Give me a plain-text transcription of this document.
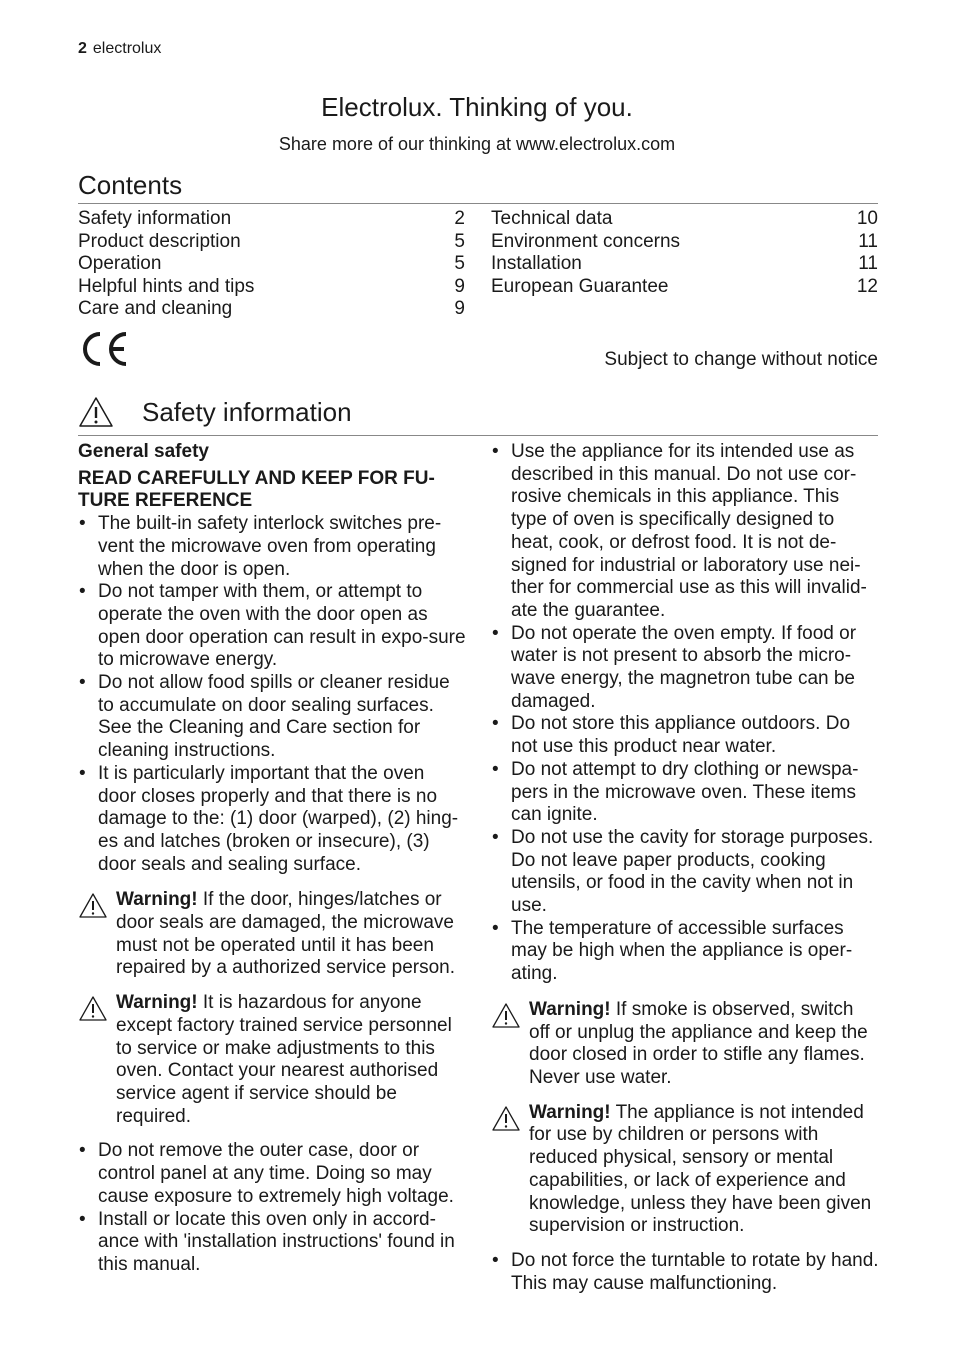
2 electrolux
Electrolux. Thinking of you.
Share more of our thinking at www.electrolux.com
Contents
Safety information	2
Product description	5
Operation	5
Helpful hints and tips	9
Care and cleaning	9
Technical data	10
Environment concerns	11
Installation	11
European Guarantee	12
Subject to change without notice
Safety information
General safety
READ CAREFULLY AND KEEP FOR FU-TURE REFERENCE
• The built-in safety interlock switches pre-vent the microwave oven from operating when the door is open.
• Do not tamper with them, or attempt to operate the oven with the door open as open door operation can result in expo-sure to microwave energy.
• Do not allow food spills or cleaner residue to accumulate on door sealing surfaces. See the Cleaning and Care section for cleaning instructions.
• It is particularly important that the oven door closes properly and that there is no damage to the: (1) door (warped), (2) hing-es and latches (broken or insecure), (3) door seals and sealing surface.
Warning! If the door, hinges/latches or door seals are damaged, the microwave must not be operated until it has been repaired by a authorized service person.
Warning! It is hazardous for anyone except factory trained service personnel to service or make adjustments to this oven. Contact your nearest authorised service agent if service should be required.
• Do not remove the outer case, door or control panel at any time. Doing so may cause exposure to extremely high voltage.
• Install or locate this oven only in accord-ance with 'installation instructions' found in this manual.
• Use the appliance for its intended use as described in this manual. Do not use cor-rosive chemicals in this appliance. This type of oven is specifically designed to heat, cook, or defrost food. It is not de-signed for industrial or laboratory use nei-ther for commercial use as this will invalid-ate the guarantee.
• Do not operate the oven empty. If food or water is not present to absorb the micro-wave energy, the magnetron tube can be damaged.
• Do not store this appliance outdoors. Do not use this product near water.
• Do not attempt to dry clothing or newspa-pers in the microwave oven. These items can ignite.
• Do not use the cavity for storage purposes. Do not leave paper products, cooking utensils, or food in the cavity when not in use.
• The temperature of accessible surfaces may be high when the appliance is oper-ating.
Warning! If smoke is observed, switch off or unplug the appliance and keep the door closed in order to stifle any flames. Never use water.
Warning! The appliance is not intended for use by children or persons with reduced physical, sensory or mental capabilities, or lack of experience and knowledge, unless they have been given supervision or instruction.
• Do not force the turntable to rotate by hand. This may cause malfunctioning.
